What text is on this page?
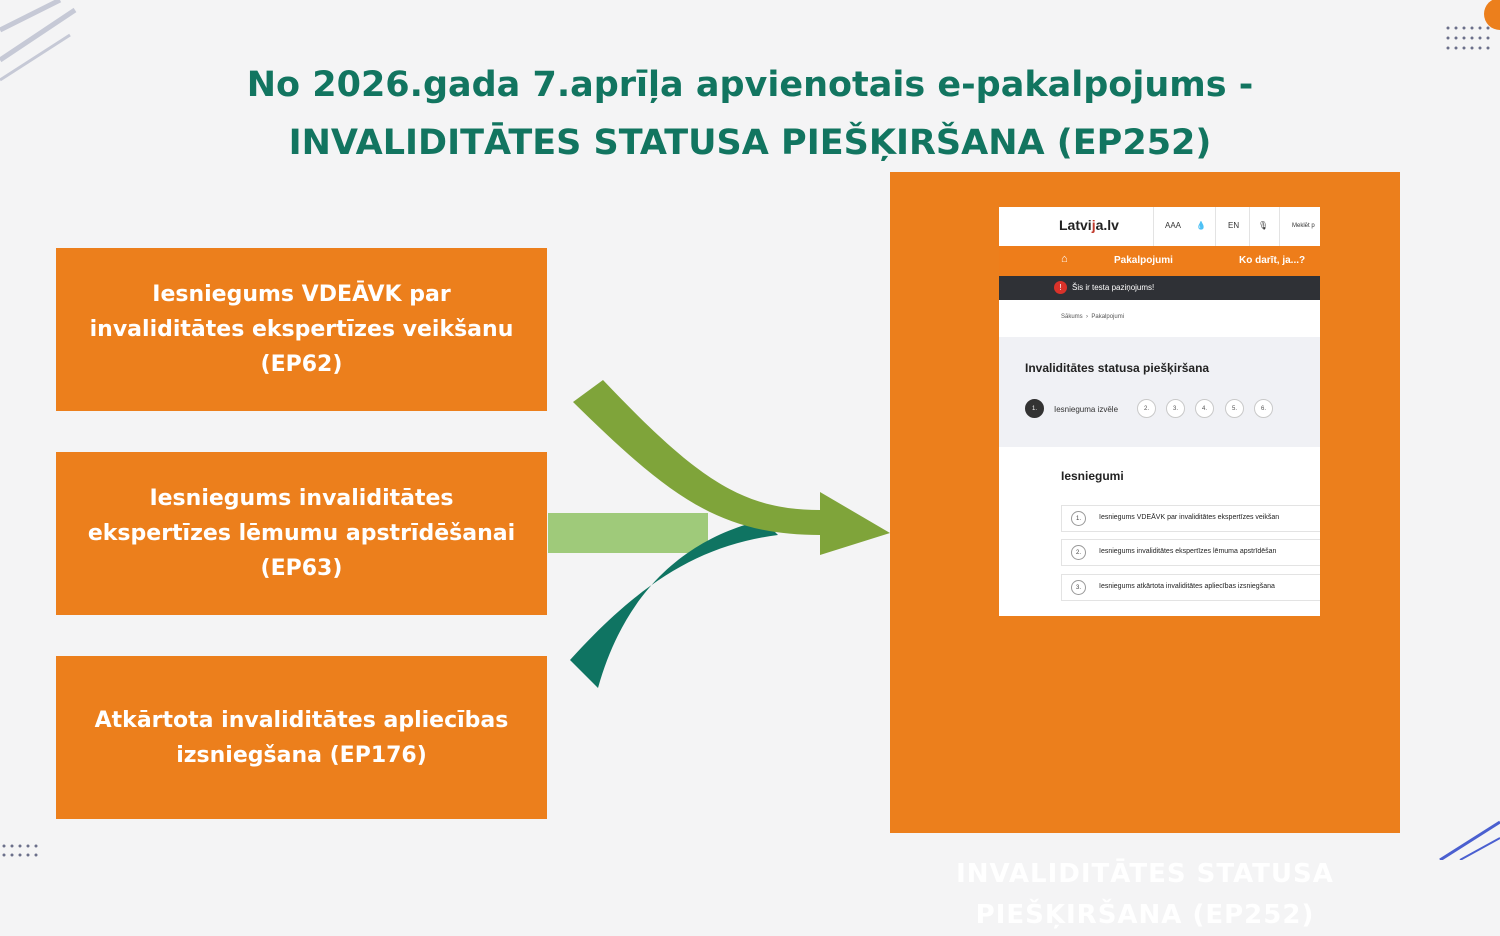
No 2026.gada 7.aprīļa apvienotais e-pakalpojums -
INVALIDITĀTES STATUSA PIEŠĶIRŠANA (EP252)
Iesniegums VDEĀVK par invaliditātes ekspertīzes veikšanu (EP62)
Iesniegums invaliditātes ekspertīzes lēmumu apstrīdēšanai (EP63)
Atkārtota invaliditātes apliecības izsniegšana (EP176)
Latvija.lv	AAA 💧	EN 🎙	Meklēt p
⌂	Pakalpojumi	Ko darīt, ja...?
!	Šis ir testa paziņojums!
Sākums › Pakalpojumi
Invaliditātes statusa piešķiršana
1.	Iesnieguma izvēle	2.	3.	4.	5.	6.
Iesniegumi
1.	Iesniegums VDEĀVK par invaliditātes ekspertīzes veikšan
2.	Iesniegums invaliditātes ekspertīzes lēmuma apstrīdēšan
3.	Iesniegums atkārtota invaliditātes apliecības izsniegšana
INVALIDITĀTES STATUSA
PIEŠĶIRŠANA (EP252)
